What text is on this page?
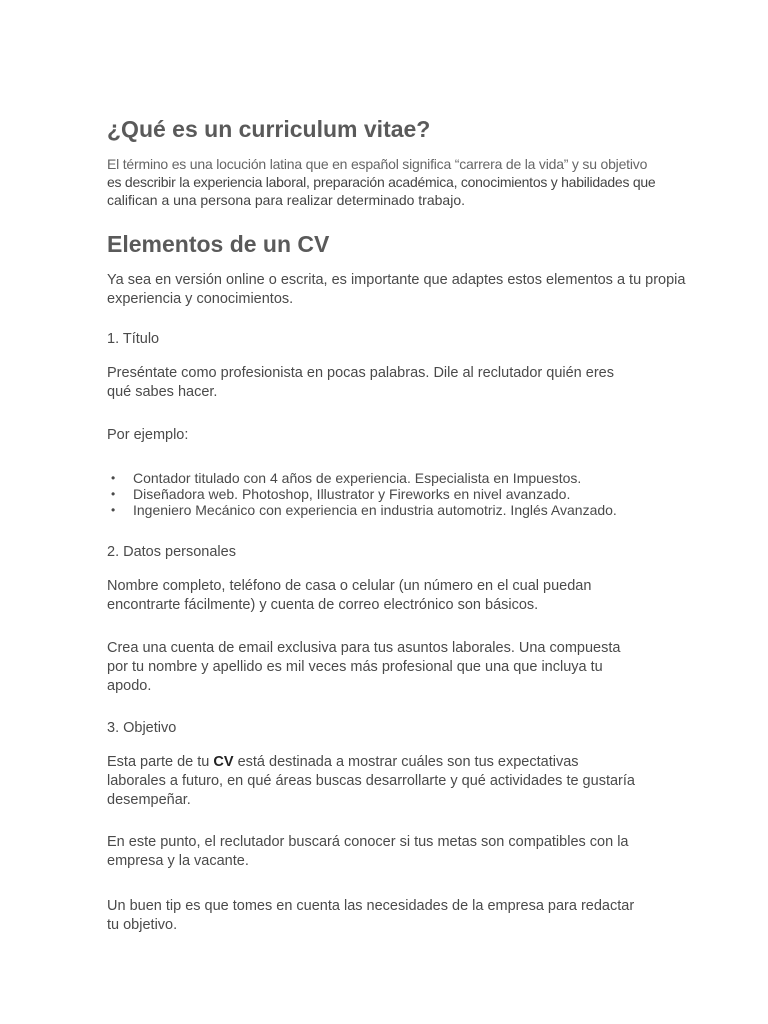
¿Qué es un curriculum vitae?

El término es una locución latina que en español significa “carrera de la vida” y su objetivo
es describir la experiencia laboral, preparación académica, conocimientos y habilidades que
califican a una persona para realizar determinado trabajo.

Elementos de un CV

Ya sea en versión online o escrita, es importante que adaptes estos elementos a tu propia
experiencia y conocimientos.

1. Título

Preséntate como profesionista en pocas palabras. Dile al reclutador quién eres
qué sabes hacer.

Por ejemplo:
• Contador titulado con 4 años de experiencia. Especialista en Impuestos.
• Diseñadora web. Photoshop, Illustrator y Fireworks en nivel avanzado.
• Ingeniero Mecánico con experiencia en industria automotriz. Inglés Avanzado.
2. Datos personales

Nombre completo, teléfono de casa o celular (un número en el cual puedan
encontrarte fácilmente) y cuenta de correo electrónico son básicos.

Crea una cuenta de email exclusiva para tus asuntos laborales. Una compuesta
por tu nombre y apellido es mil veces más profesional que una que incluya tu
apodo.

3. Objetivo

Esta parte de tu CV está destinada a mostrar cuáles son tus expectativas
laborales a futuro, en qué áreas buscas desarrollarte y qué actividades te gustaría
desempeñar.

En este punto, el reclutador buscará conocer si tus metas son compatibles con la
empresa y la vacante.

Un buen tip es que tomes en cuenta las necesidades de la empresa para redactar
tu objetivo.
